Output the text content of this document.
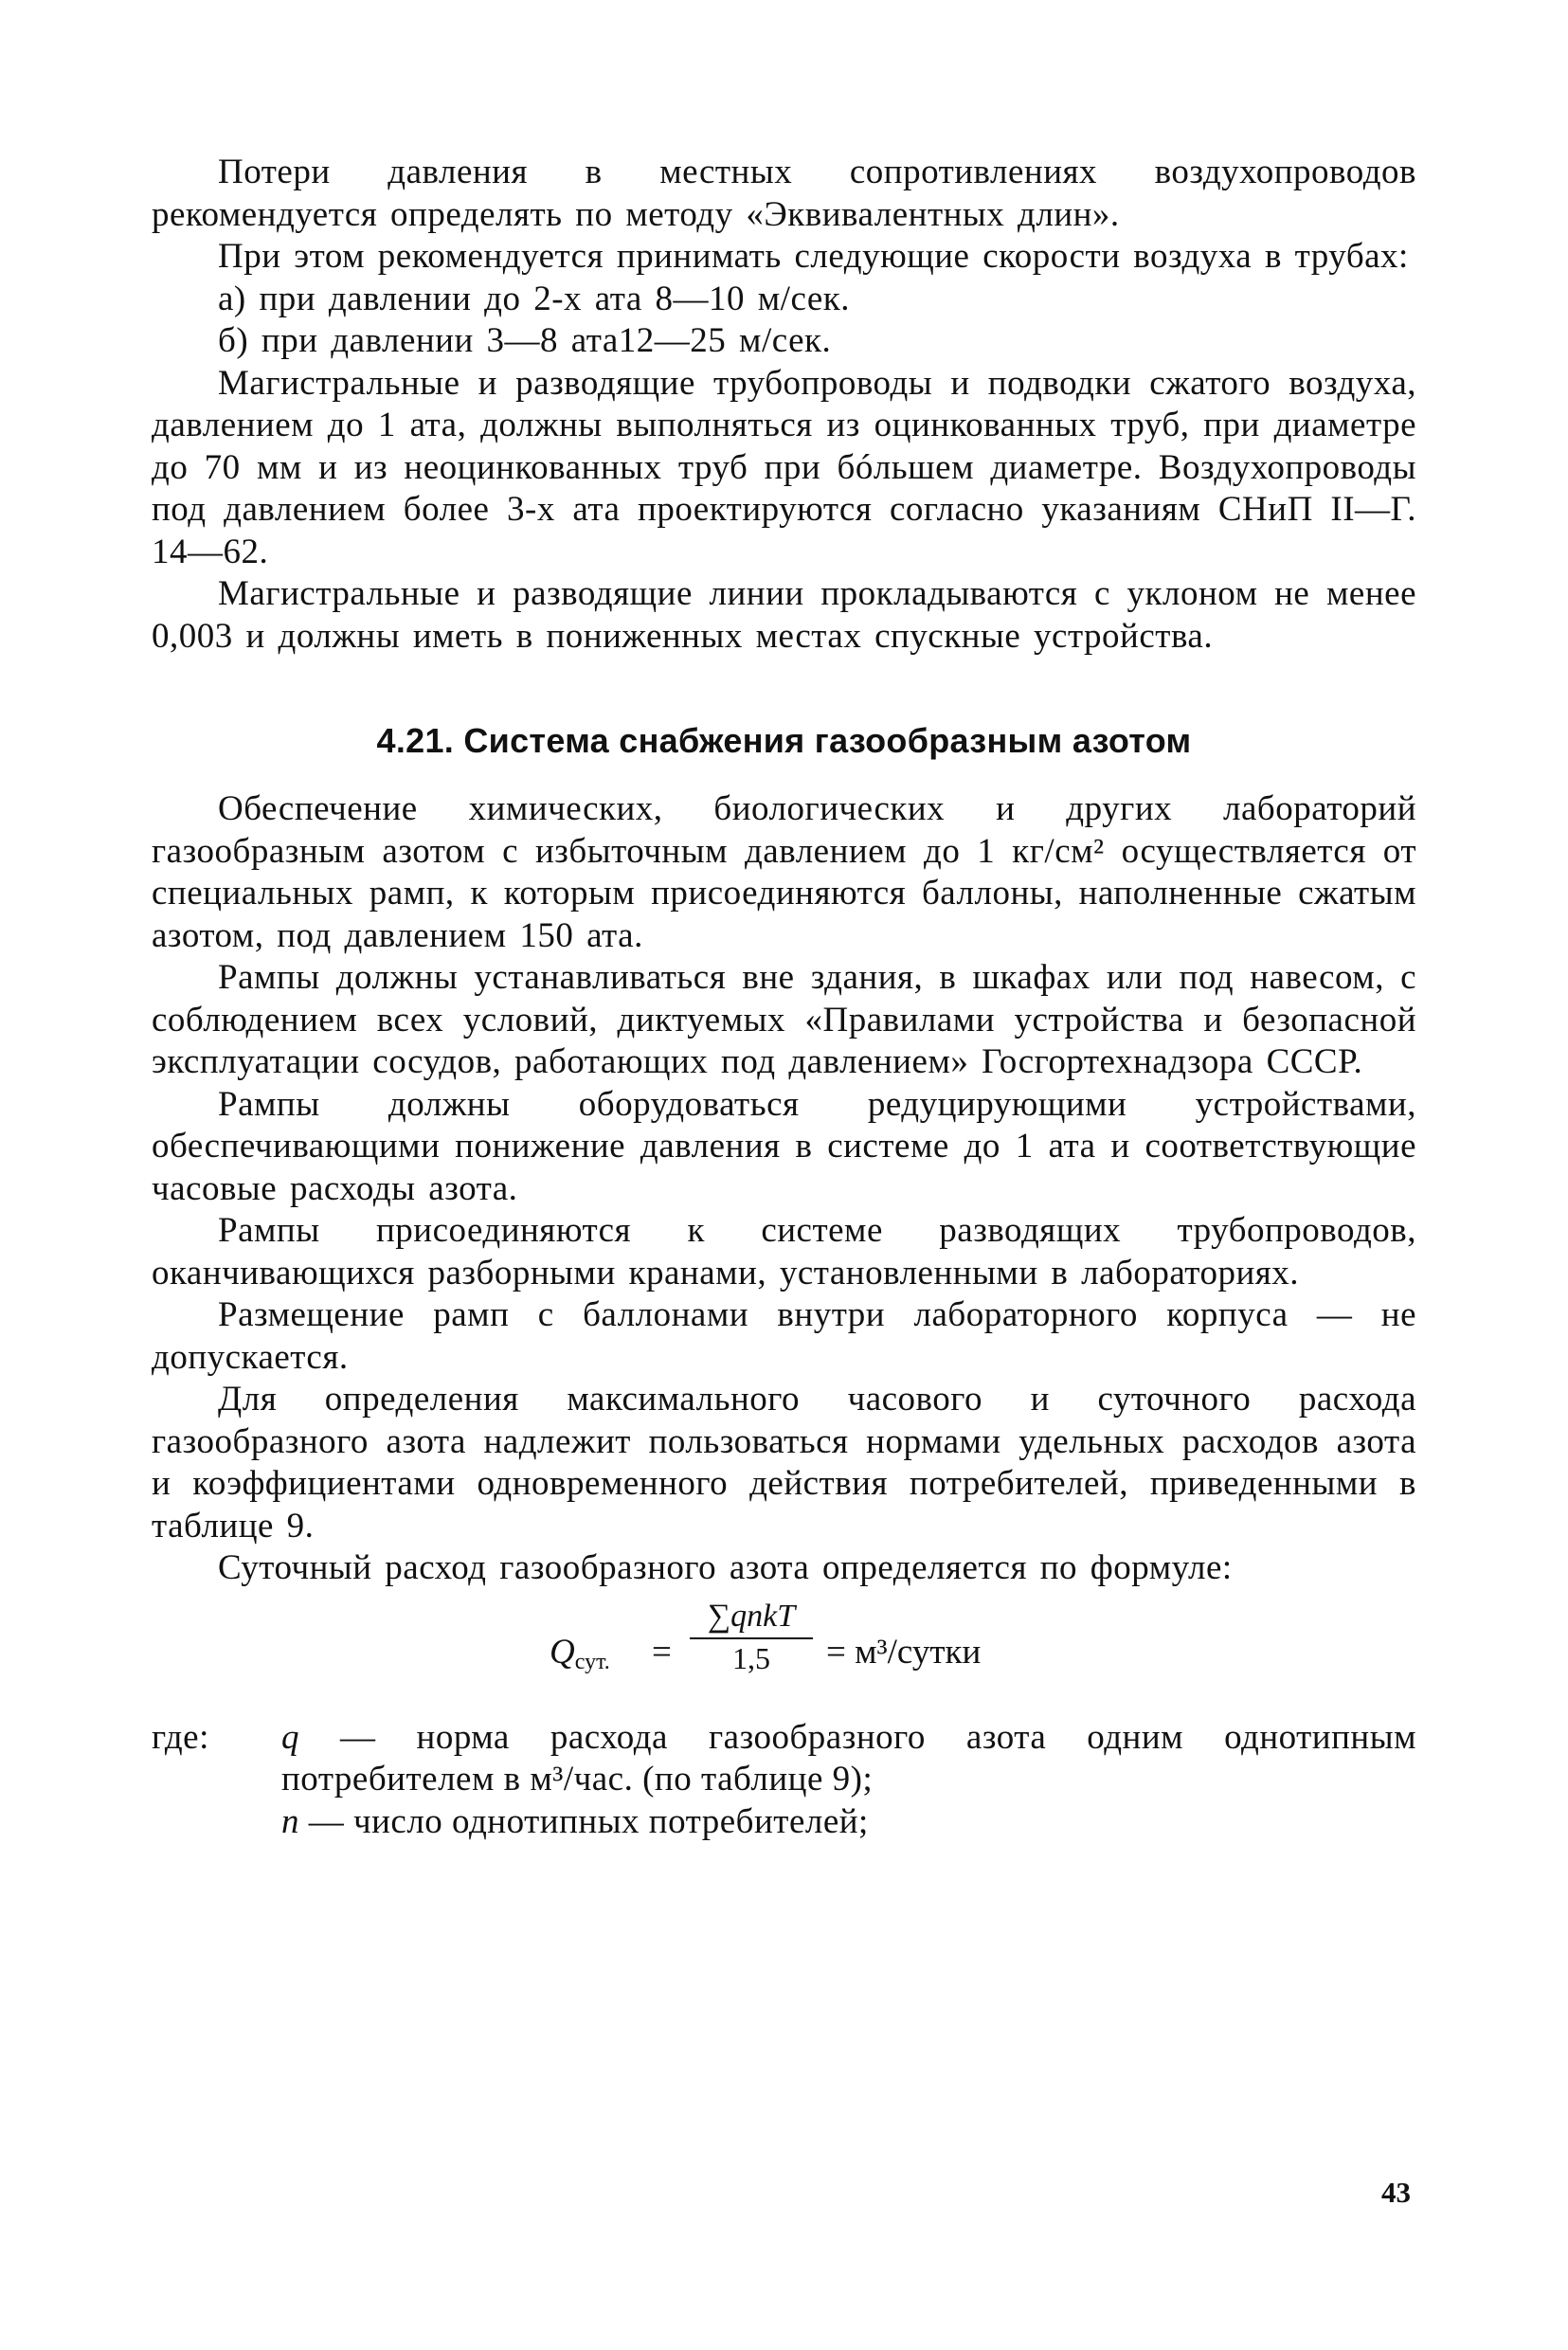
Потери давления в местных сопротивлениях воздухопроводов рекомендуется определять по методу «Эквивалентных длин».

При этом рекомендуется принимать следующие скорости воздуха в трубах:

а) при давлении до 2-х ата 8—10 м/сек.

б) при давлении 3—8 ата12—25 м/сек.

Магистральные и разводящие трубопроводы и подводки сжатого воздуха, давлением до 1 ата, должны выполняться из оцинкованных труб, при диаметре до 70 мм и из неоцинкованных труб при бóльшем диаметре. Воздухопроводы под давлением более 3-х ата проектируются согласно указаниям СНиП II—Г. 14—62.

Магистральные и разводящие линии прокладываются с уклоном не менее 0,003 и должны иметь в пониженных местах спускные устройства.

4.21. Система снабжения газообразным азотом

Обеспечение химических, биологических и других лабораторий газообразным азотом с избыточным давлением до 1 кг/см² осуществляется от специальных рамп, к которым присоединяются баллоны, наполненные сжатым азотом, под давлением 150 ата.

Рампы должны устанавливаться вне здания, в шкафах или под навесом, с соблюдением всех условий, диктуемых «Правилами устройства и безопасной эксплуатации сосудов, работающих под давлением» Госгортехнадзора СССР.

Рампы должны оборудоваться редуцирующими устройствами, обеспечивающими понижение давления в системе до 1 ата и соответствующие часовые расходы азота.

Рампы присоединяются к системе разводящих трубопроводов, оканчивающихся разборными кранами, установленными в лабораториях.

Размещение рамп с баллонами внутри лабораторного корпуса — не допускается.

Для определения максимального часового и суточного расхода газообразного азота надлежит пользоваться нормами удельных расходов азота и коэффициентами одновременного действия потребителей, приведенными в таблице 9.

Суточный расход газообразного азота определяется по формуле:

$Q_{сут.}$ =
∑qnkT
1,5	= м³/сутки
где:	q — норма расхода газообразного азота одним однотипным потребителем в м³/час. (по таблице 9);
n — число однотипных потребителей;
43
